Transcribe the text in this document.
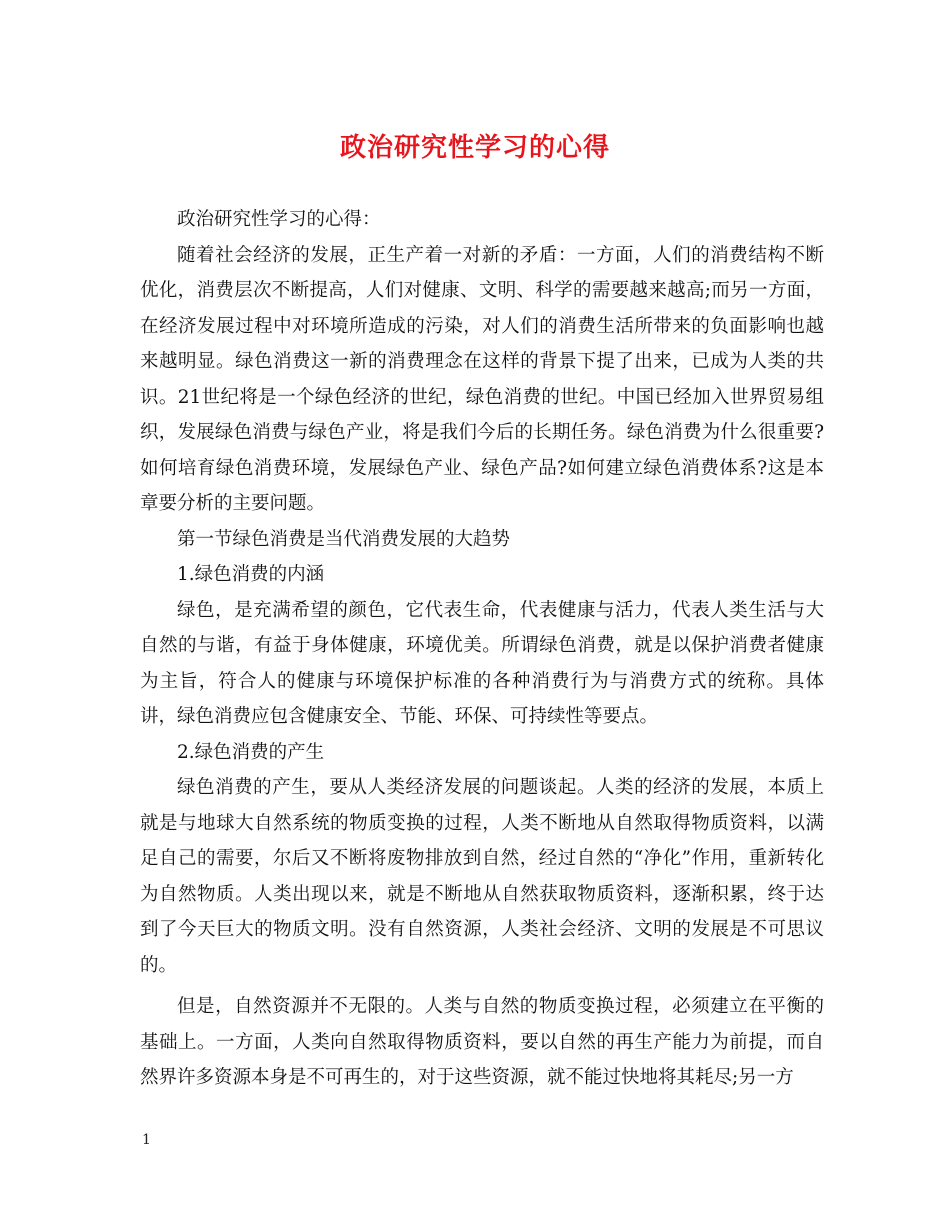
政治研究性学习的心得

政治研究性学习的心得：

随着社会经济的发展，正生产着一对新的矛盾：一方面，人们的消费结构不断优化，消费层次不断提高，人们对健康、文明、科学的需要越来越高;而另一方面，在经济发展过程中对环境所造成的污染，对人们的消费生活所带来的负面影响也越来越明显。绿色消费这一新的消费理念在这样的背景下提了出来，已成为人类的共识。21世纪将是一个绿色经济的世纪，绿色消费的世纪。中国已经加入世界贸易组织，发展绿色消费与绿色产业，将是我们今后的长期任务。绿色消费为什么很重要?如何培育绿色消费环境，发展绿色产业、绿色产品?如何建立绿色消费体系?这是本章要分析的主要问题。

第一节绿色消费是当代消费发展的大趋势

1.绿色消费的内涵

绿色，是充满希望的颜色，它代表生命，代表健康与活力，代表人类生活与大自然的与谐，有益于身体健康，环境优美。所谓绿色消费，就是以保护消费者健康为主旨，符合人的健康与环境保护标准的各种消费行为与消费方式的统称。具体讲，绿色消费应包含健康安全、节能、环保、可持续性等要点。

2.绿色消费的产生

绿色消费的产生，要从人类经济发展的问题谈起。人类的经济的发展，本质上就是与地球大自然系统的物质变换的过程，人类不断地从自然取得物质资料，以满足自己的需要，尔后又不断将废物排放到自然，经过自然的“净化”作用，重新转化为自然物质。人类出现以来，就是不断地从自然获取物质资料，逐渐积累，终于达到了今天巨大的物质文明。没有自然资源，人类社会经济、文明的发展是不可思议的。

但是，自然资源并不无限的。人类与自然的物质变换过程，必须建立在平衡的基础上。一方面，人类向自然取得物质资料，要以自然的再生产能力为前提，而自然界许多资源本身是不可再生的，对于这些资源，就不能过快地将其耗尽;另一方

1
